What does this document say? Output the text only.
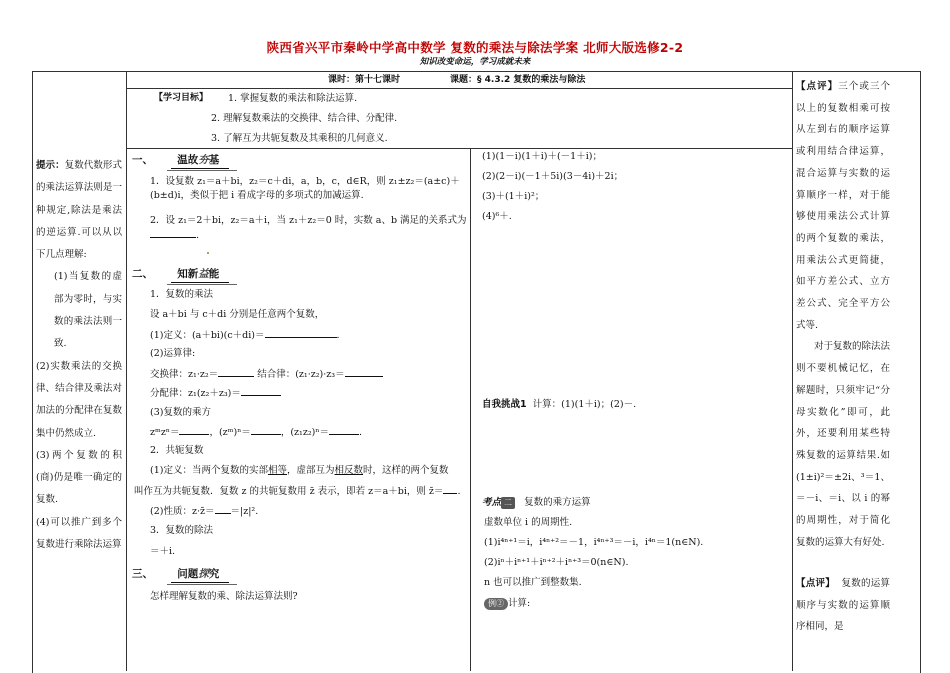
陕西省兴平市秦岭中学高中数学 复数的乘法与除法学案 北师大版选修2-2
知识改变命运，学习成就未来
课时：第十七课时	课题：§ 4.3.2 复数的乘法与除法
【学习目标】 1. 掌握复数的乘法和除法运算.
2. 理解复数乘法的交换律、结合律、分配律.
3. 了解互为共轭复数及其乘积的几何意义.
提示：复数代数形式的乘法运算法则是一种规定,除法是乘法的逆运算.可以从以下几点理解:

(1)当复数的虚部为零时，与实数的乘法法则一致.
(2)实数乘法的交换律、结合律及乘法对加法的分配律在复数集中仍然成立.
(3)两个复数的积(商)仍是唯一确定的复数.
(4)可以推广到多个复数进行乘除法运算
一、 温故夯基
1．设复数 z₁＝a＋bi，z₂＝c＋di，a，b，c，d∈R，则 z₁±z₂＝(a±c)＋
(b±d)i，类似于把 i 看成字母的多项式的加减运算.
2．设 z₁＝2＋bi，z₂＝a＋i，当 z₁＋z₂＝0 时，实数 a、b 满足的关系式为
.
二、 知新益能
1．复数的乘法
设 a＋bi 与 c＋di 分别是任意两个复数，
(1)定义：(a＋bi)(c＋di)＝	.
(2)运算律:
交换律：z₁·z₂＝	结合律：(z₁·z₂)·z₃＝
分配律：z₁(z₂＋z₃)＝
(3)复数的乘方
zᵐzⁿ＝	，(zᵐ)ⁿ＝	，(z₁z₂)ⁿ＝	.
2．共轭复数
(1)定义：当两个复数的实部相等，虚部互为相反数时，这样的两个复数
叫作互为共轭复数．复数 z 的共轭复数用 z̄ 表示，即若 z＝a＋bi，则 z̄＝ .
(2)性质：z·z̄＝ ＝|z|².
3．复数的除法
＝＋i.
三、 问题探究
怎样理解复数的乘、除法运算法则?
(1)(1－i)(1＋i)＋(－1＋i)；
(2)(2－i)(－1＋5i)(3－4i)＋2i；
(3)＋(1＋i)²；
(4)⁶＋.
自我挑战1 计算：(1)(1＋i)；(2)－.
考点 二 复数的乘方运算
虚数单位 i 的周期性.
(1)i⁴ⁿ⁺¹＝i，i⁴ⁿ⁺²＝－1，i⁴ⁿ⁺³＝－i，i⁴ⁿ＝1(n∈N).
(2)iⁿ＋iⁿ⁺¹＋iⁿ⁺²＋iⁿ⁺³＝0(n∈N).
n 也可以推广到整数集.
例② 计算:
【点评】三个或三个以上的复数相乘可按从左到右的顺序运算或利用结合律运算，混合运算与实数的运算顺序一样，对于能够使用乘法公式计算的两个复数的乘法，用乘法公式更简捷，如平方差公式、立方差公式、完全平方公式等.
对于复数的除法法则不要机械记忆，在解题时，只须牢记“分母实数化”即可，此外，还要利用某些特殊复数的运算结果.如(1±i)²＝±2i、³＝1、＝－i、＝i、以 i 的幂的周期性，对于简化复数的运算大有好处.
【点评】 复数的运算顺序与实数的运算顺序相同，是
